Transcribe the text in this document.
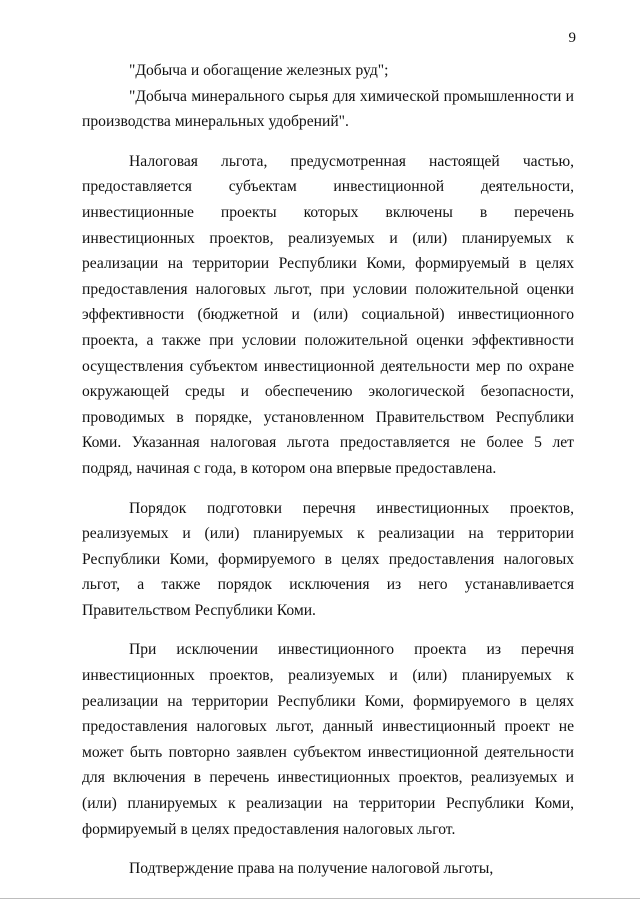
9

"Добыча и обогащение железных руд";

"Добыча минерального сырья для химической промышленности и производства минеральных удобрений".

Налоговая льгота, предусмотренная настоящей частью, предоставляется субъектам инвестиционной деятельности, инвестиционные проекты которых включены в перечень инвестиционных проектов, реализуемых и (или) планируемых к реализации на территории Республики Коми, формируемый в целях предоставления налоговых льгот, при условии положительной оценки эффективности (бюджетной и (или) социальной) инвестиционного проекта, а также при условии положительной оценки эффективности осуществления субъектом инвестиционной деятельности мер по охране окружающей среды и обеспечению экологической безопасности, проводимых в порядке, установленном Правительством Республики Коми. Указанная налоговая льгота предоставляется не более 5 лет подряд, начиная с года, в котором она впервые предоставлена.

Порядок подготовки перечня инвестиционных проектов, реализуемых и (или) планируемых к реализации на территории Республики Коми, формируемого в целях предоставления налоговых льгот, а также порядок исключения из него устанавливается Правительством Республики Коми.

При исключении инвестиционного проекта из перечня инвестиционных проектов, реализуемых и (или) планируемых к реализации на территории Республики Коми, формируемого в целях предоставления налоговых льгот, данный инвестиционный проект не может быть повторно заявлен субъектом инвестиционной деятельности для включения в перечень инвестиционных проектов, реализуемых и (или) планируемых к реализации на территории Республики Коми, формируемый в целях предоставления налоговых льгот.

Подтверждение права на получение налоговой льготы,
